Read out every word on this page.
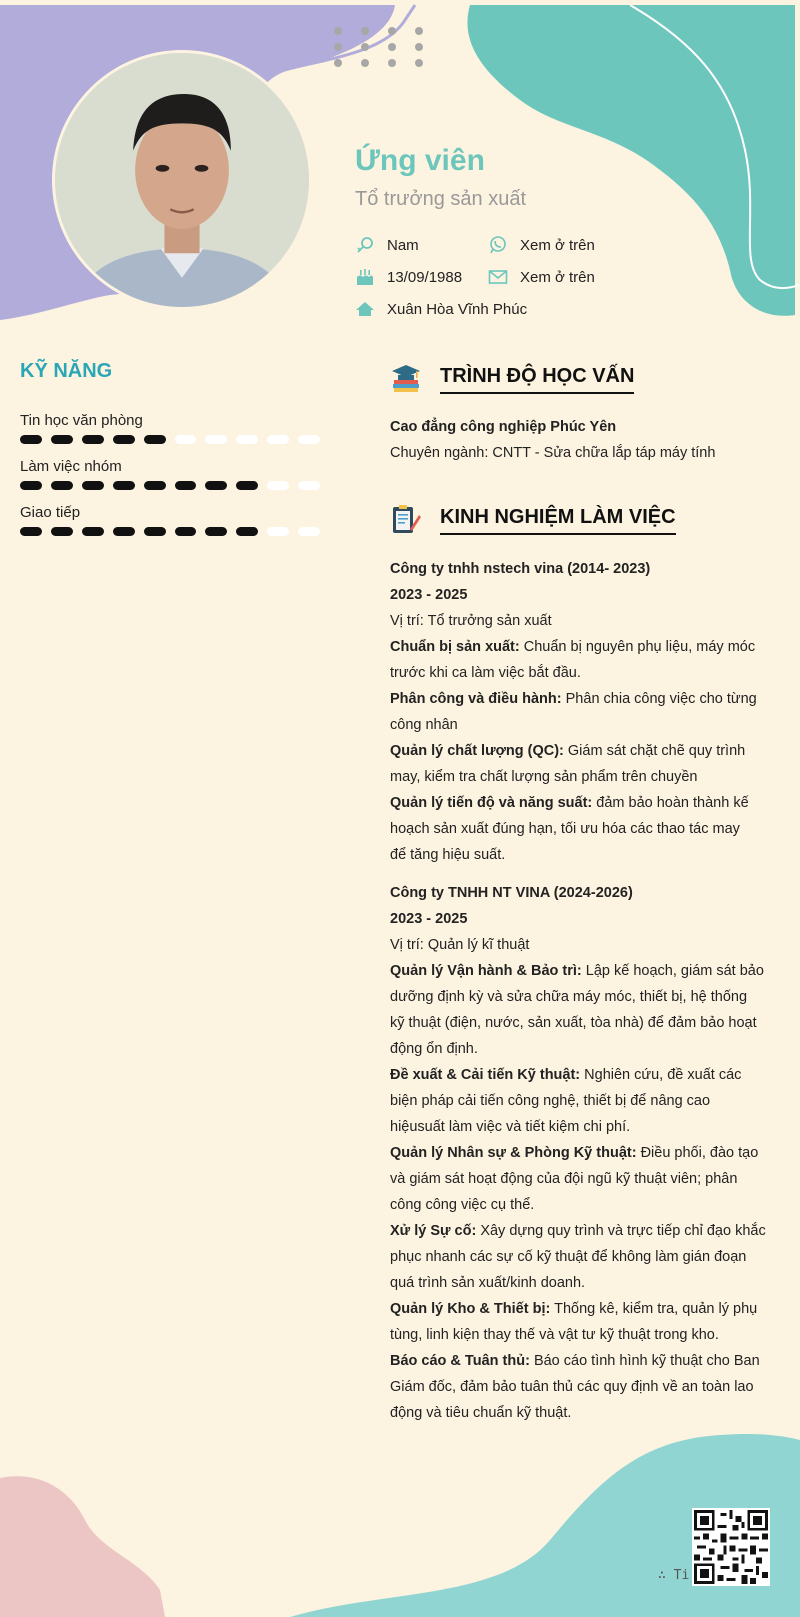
Ứng viên
Tổ trưởng sản xuất
Nam	Xem ở trên
13/09/1988	Xem ở trên
Xuân Hòa Vĩnh Phúc
KỸ NĂNG
Tin học văn phòng
Làm việc nhóm
Giao tiếp
TRÌNH ĐỘ HỌC VẤN
Cao đẳng công nghiệp Phúc Yên
Chuyên ngành: CNTT - Sửa chữa lắp táp máy tính
KINH NGHIỆM LÀM VIỆC
Công ty tnhh nstech vina (2014- 2023)
2023 - 2025
Vị trí: Tổ trưởng sản xuất
Chuẩn bị sản xuất: Chuẩn bị nguyên phụ liệu, máy móc
trước khi ca làm việc bắt đầu.
Phân công và điều hành: Phân chia công việc cho từng
công nhân
Quản lý chất lượng (QC): Giám sát chặt chẽ quy trình
may, kiểm tra chất lượng sản phẩm trên chuyền
Quản lý tiến độ và năng suất: đảm bảo hoàn thành kế
hoạch sản xuất đúng hạn, tối ưu hóa các thao tác may
để tăng hiệu suất.
Công ty TNHH NT VINA (2024-2026)
2023 - 2025
Vị trí: Quản lý kĩ thuật
Quản lý Vận hành & Bảo trì: Lập kế hoạch, giám sát bảo
dưỡng định kỳ và sửa chữa máy móc, thiết bị, hệ thống
kỹ thuật (điện, nước, sản xuất, tòa nhà) để đảm bảo hoạt
động ổn định.
Đề xuất & Cải tiến Kỹ thuật: Nghiên cứu, đề xuất các
biện pháp cải tiến công nghệ, thiết bị để nâng cao
hiệusuất làm việc và tiết kiệm chi phí.
Quản lý Nhân sự & Phòng Kỹ thuật: Điều phối, đào tạo
và giám sát hoạt động của đội ngũ kỹ thuật viên; phân
công công việc cụ thể.
Xử lý Sự cố: Xây dựng quy trình và trực tiếp chỉ đạo khắc
phục nhanh các sự cố kỹ thuật để không làm gián đoạn
quá trình sản xuất/kinh doanh.
Quản lý Kho & Thiết bị: Thống kê, kiểm tra, quản lý phụ
tùng, linh kiện thay thế và vật tư kỹ thuật trong kho.
Báo cáo & Tuân thủ: Báo cáo tình hình kỹ thuật cho Ban
Giám đốc, đảm bảo tuân thủ các quy định về an toàn lao
động và tiêu chuẩn kỹ thuật.
∴ Ti
